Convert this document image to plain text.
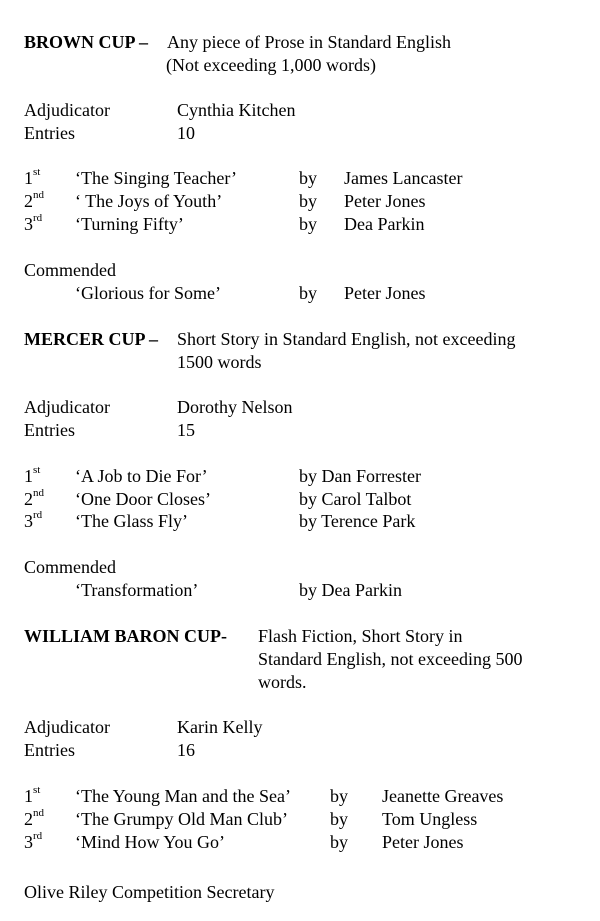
BROWN CUP – Any piece of Prose in Standard English
(Not exceeding 1,000 words)
Adjudicator	Cynthia Kitchen
Entries	10
1st ‘The Singing Teacher’	by James Lancaster
2nd ‘ The Joys of Youth’	by Peter Jones
3rd ‘Turning Fifty’	by Dea Parkin
Commended
‘Glorious for Some’	by Peter Jones
MERCER CUP – Short Story in Standard English, not exceeding
1500 words
Adjudicator	Dorothy Nelson
Entries	15
1st ‘A Job to Die For’	by Dan Forrester
2nd ‘One Door Closes’	by Carol Talbot
3rd ‘The Glass Fly’	by Terence Park
Commended
‘Transformation’	by Dea Parkin
WILLIAM BARON CUP- Flash Fiction, Short Story in
Standard English, not exceeding 500
words.
Adjudicator	Karin Kelly
Entries	16
1st ‘The Young Man and the Sea’ by Jeanette Greaves
2nd ‘The Grumpy Old Man Club’ by Tom Ungless
3rd ‘Mind How You Go’	by Peter Jones
Olive Riley Competition Secretary
